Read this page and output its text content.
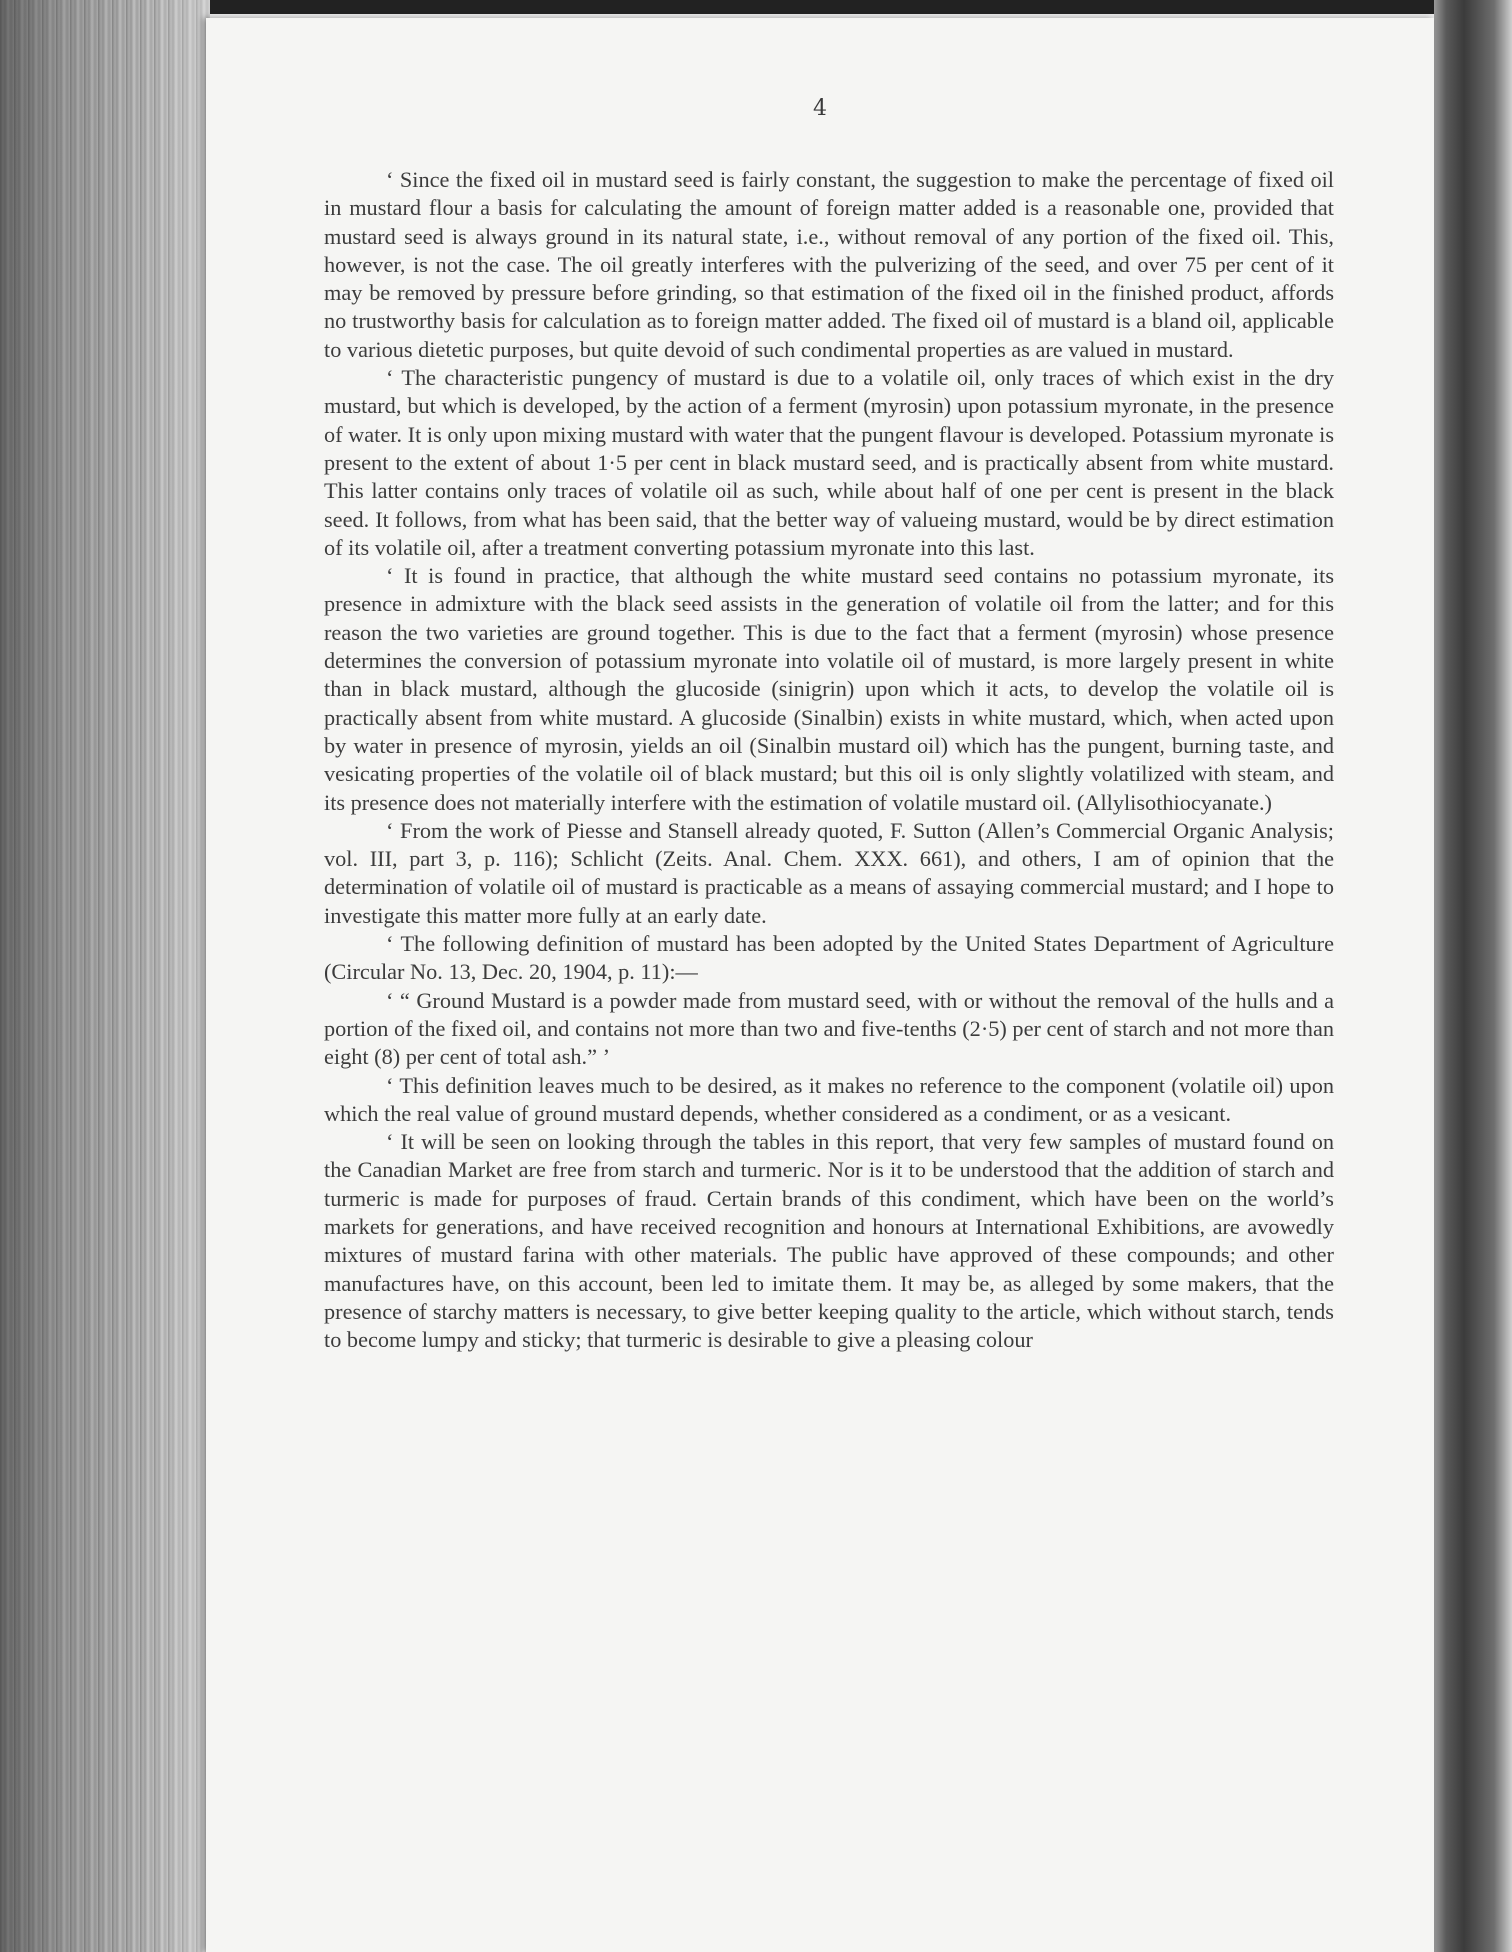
4

‘ Since the fixed oil in mustard seed is fairly constant, the suggestion to make the percentage of fixed oil in mustard flour a basis for calculating the amount of foreign matter added is a reasonable one, provided that mustard seed is always ground in its natural state, i.e., without removal of any portion of the fixed oil. This, however, is not the case. The oil greatly interferes with the pulverizing of the seed, and over 75 per cent of it may be removed by pressure before grinding, so that estimation of the fixed oil in the finished product, affords no trustworthy basis for calculation as to foreign matter added. The fixed oil of mustard is a bland oil, applicable to various dietetic purposes, but quite devoid of such condimental properties as are valued in mustard.

‘ The characteristic pungency of mustard is due to a volatile oil, only traces of which exist in the dry mustard, but which is developed, by the action of a ferment (myrosin) upon potassium myronate, in the presence of water. It is only upon mixing mustard with water that the pungent flavour is developed. Potassium myronate is present to the extent of about 1·5 per cent in black mustard seed, and is practically absent from white mustard. This latter contains only traces of volatile oil as such, while about half of one per cent is present in the black seed. It follows, from what has been said, that the better way of valueing mustard, would be by direct estimation of its volatile oil, after a treatment converting potassium myronate into this last.

‘ It is found in practice, that although the white mustard seed contains no potassium myronate, its presence in admixture with the black seed assists in the generation of volatile oil from the latter; and for this reason the two varieties are ground together. This is due to the fact that a ferment (myrosin) whose presence determines the conversion of potassium myronate into volatile oil of mustard, is more largely present in white than in black mustard, although the glucoside (sinigrin) upon which it acts, to develop the volatile oil is practically absent from white mustard. A glucoside (Sinalbin) exists in white mustard, which, when acted upon by water in presence of myrosin, yields an oil (Sinalbin mustard oil) which has the pungent, burning taste, and vesicating properties of the volatile oil of black mustard; but this oil is only slightly volatilized with steam, and its presence does not materially interfere with the estimation of volatile mustard oil. (Allylisothiocyanate.)

‘ From the work of Piesse and Stansell already quoted, F. Sutton (Allen’s Commercial Organic Analysis; vol. III, part 3, p. 116); Schlicht (Zeits. Anal. Chem. XXX. 661), and others, I am of opinion that the determination of volatile oil of mustard is practicable as a means of assaying commercial mustard; and I hope to investigate this matter more fully at an early date.

‘ The following definition of mustard has been adopted by the United States Department of Agriculture (Circular No. 13, Dec. 20, 1904, p. 11):—

‘ “ Ground Mustard is a powder made from mustard seed, with or without the removal of the hulls and a portion of the fixed oil, and contains not more than two and five-tenths (2·5) per cent of starch and not more than eight (8) per cent of total ash.” ’

‘ This definition leaves much to be desired, as it makes no reference to the component (volatile oil) upon which the real value of ground mustard depends, whether considered as a condiment, or as a vesicant.

‘ It will be seen on looking through the tables in this report, that very few samples of mustard found on the Canadian Market are free from starch and turmeric. Nor is it to be understood that the addition of starch and turmeric is made for purposes of fraud. Certain brands of this condiment, which have been on the world’s markets for generations, and have received recognition and honours at International Exhibitions, are avowedly mixtures of mustard farina with other materials. The public have approved of these compounds; and other manufactures have, on this account, been led to imitate them. It may be, as alleged by some makers, that the presence of starchy matters is necessary, to give better keeping quality to the article, which without starch, tends to become lumpy and sticky; that turmeric is desirable to give a pleasing colour
